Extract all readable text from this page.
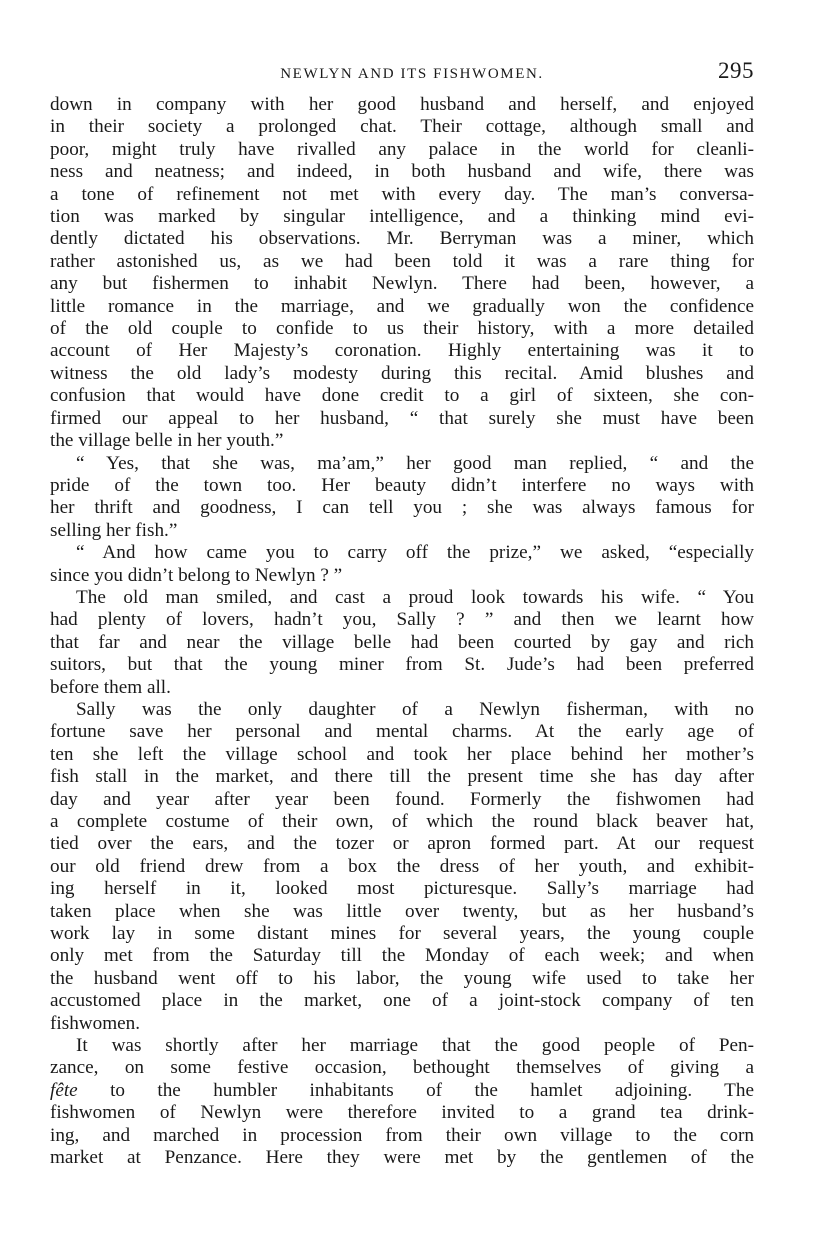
NEWLYN AND ITS FISHWOMEN.	295
down in company with her good husband and herself, and enjoyed
in their society a prolonged chat. Their cottage, although small and
poor, might truly have rivalled any palace in the world for cleanli-
ness and neatness; and indeed, in both husband and wife, there was
a tone of refinement not met with every day. The man’s conversa-
tion was marked by singular intelligence, and a thinking mind evi-
dently dictated his observations. Mr. Berryman was a miner, which
rather astonished us, as we had been told it was a rare thing for
any but fishermen to inhabit Newlyn. There had been, however, a
little romance in the marriage, and we gradually won the confidence
of the old couple to confide to us their history, with a more detailed
account of Her Majesty’s coronation. Highly entertaining was it to
witness the old lady’s modesty during this recital. Amid blushes and
confusion that would have done credit to a girl of sixteen, she con-
firmed our appeal to her husband, “ that surely she must have been
the village belle in her youth.”
“ Yes, that she was, ma’am,” her good man replied, “ and the
pride of the town too. Her beauty didn’t interfere no ways with
her thrift and goodness, I can tell you ; she was always famous for
selling her fish.”
“ And how came you to carry off the prize,” we asked, “especially
since you didn’t belong to Newlyn ? ”
The old man smiled, and cast a proud look towards his wife. “ You
had plenty of lovers, hadn’t you, Sally ? ” and then we learnt how
that far and near the village belle had been courted by gay and rich
suitors, but that the young miner from St. Jude’s had been preferred
before them all.
Sally was the only daughter of a Newlyn fisherman, with no
fortune save her personal and mental charms. At the early age of
ten she left the village school and took her place behind her mother’s
fish stall in the market, and there till the present time she has day after
day and year after year been found. Formerly the fishwomen had
a complete costume of their own, of which the round black beaver hat,
tied over the ears, and the tozer or apron formed part. At our request
our old friend drew from a box the dress of her youth, and exhibit-
ing herself in it, looked most picturesque. Sally’s marriage had
taken place when she was little over twenty, but as her husband’s
work lay in some distant mines for several years, the young couple
only met from the Saturday till the Monday of each week; and when
the husband went off to his labor, the young wife used to take her
accustomed place in the market, one of a joint-stock company of ten
fishwomen.
It was shortly after her marriage that the good people of Pen-
zance, on some festive occasion, bethought themselves of giving a
fête to the humbler inhabitants of the hamlet adjoining. The
fishwomen of Newlyn were therefore invited to a grand tea drink-
ing, and marched in procession from their own village to the corn
market at Penzance. Here they were met by the gentlemen of the
